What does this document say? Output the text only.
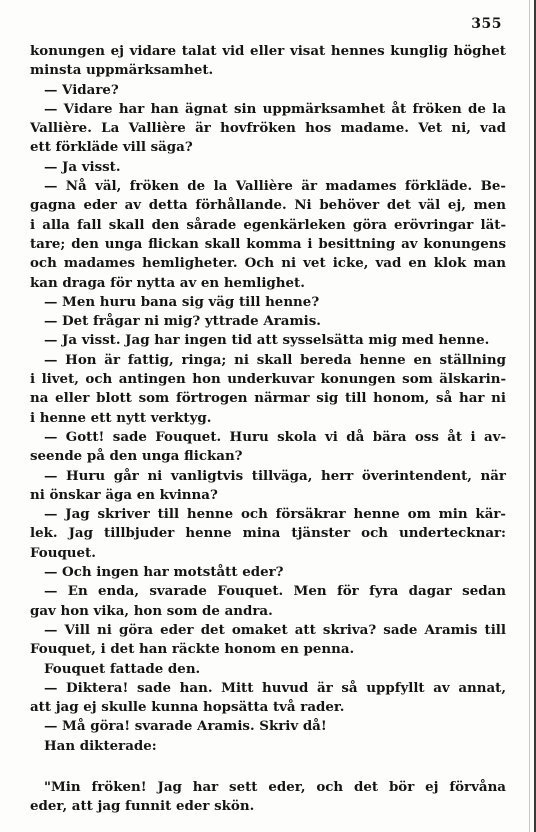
355
konungen ej vidare talat vid eller visat hennes kunglig höghet
minsta uppmärksamhet.
— Vidare?
— Vidare har han ägnat sin uppmärksamhet åt fröken de la
Vallière. La Vallière är hovfröken hos madame. Vet ni, vad
ett förkläde vill säga?
— Ja visst.
— Nå väl, fröken de la Vallière är madames förkläde. Be-
gagna eder av detta förhållande. Ni behöver det väl ej, men
i alla fall skall den sårade egenkärleken göra erövringar lät-
tare; den unga flickan skall komma i besittning av konungens
och madames hemligheter. Och ni vet icke, vad en klok man
kan draga för nytta av en hemlighet.
— Men huru bana sig väg till henne?
— Det frågar ni mig? yttrade Aramis.
— Ja visst. Jag har ingen tid att sysselsätta mig med henne.
— Hon är fattig, ringa; ni skall bereda henne en ställning
i livet, och antingen hon underkuvar konungen som älskarin-
na eller blott som förtrogen närmar sig till honom, så har ni
i henne ett nytt verktyg.
— Gott! sade Fouquet. Huru skola vi då bära oss åt i av-
seende på den unga flickan?
— Huru går ni vanligtvis tillväga, herr överintendent, när
ni önskar äga en kvinna?
— Jag skriver till henne och försäkrar henne om min kär-
lek. Jag tillbjuder henne mina tjänster och undertecknar:
Fouquet.
— Och ingen har motstått eder?
— En enda, svarade Fouquet. Men för fyra dagar sedan
gav hon vika, hon som de andra.
— Vill ni göra eder det omaket att skriva? sade Aramis till
Fouquet, i det han räckte honom en penna.
Fouquet fattade den.
— Diktera! sade han. Mitt huvud är så uppfyllt av annat,
att jag ej skulle kunna hopsätta två rader.
— Må göra! svarade Aramis. Skriv då!
Han dikterade:
"Min fröken! Jag har sett eder, och det bör ej förvåna
eder, att jag funnit eder skön.
